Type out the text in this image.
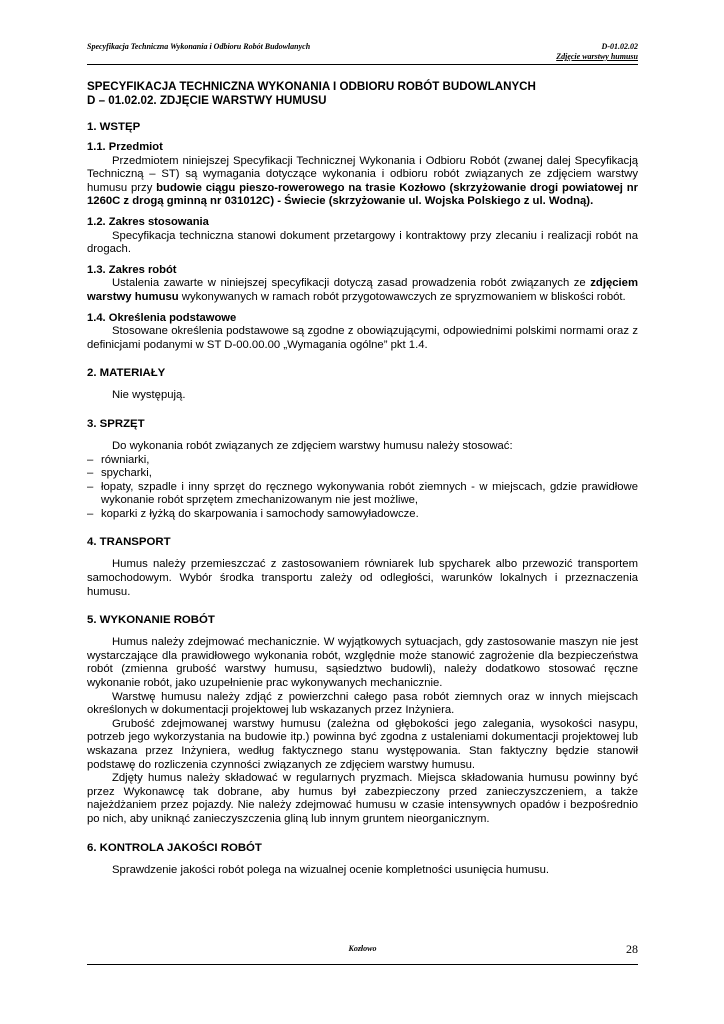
Specyfikacja Techniczna Wykonania i Odbioru Robót Budowlanych	D-01.02.02
Zdjęcie warstwy humusu
SPECYFIKACJA TECHNICZNA WYKONANIA I ODBIORU ROBÓT BUDOWLANYCH
D – 01.02.02. ZDJĘCIE WARSTWY HUMUSU
1. WSTĘP
1.1. Przedmiot

Przedmiotem niniejszej Specyfikacji Technicznej Wykonania i Odbioru Robót (zwanej dalej Specyfikacją Techniczną – ST) są wymagania dotyczące wykonania i odbioru robót związanych ze zdjęciem warstwy humusu przy budowie ciągu pieszo-rowerowego na trasie Kozłowo (skrzyżowanie drogi powiatowej nr 1260C z drogą gminną nr 031012C) - Świecie (skrzyżowanie ul. Wojska Polskiego z ul. Wodną).

1.2. Zakres stosowania

Specyfikacja techniczna stanowi dokument przetargowy i kontraktowy przy zlecaniu i realizacji robót na drogach.

1.3. Zakres robót

Ustalenia zawarte w niniejszej specyfikacji dotyczą zasad prowadzenia robót związanych ze zdjęciem warstwy humusu wykonywanych w ramach robót przygotowawczych ze spryzmowaniem w bliskości robót.

1.4. Określenia podstawowe

Stosowane określenia podstawowe są zgodne z obowiązującymi, odpowiednimi polskimi normami oraz z definicjami podanymi w ST D-00.00.00 „Wymagania ogólne” pkt 1.4.

2. MATERIAŁY

Nie występują.

3. SPRZĘT

Do wykonania robót związanych ze zdjęciem warstwy humusu należy stosować:

– równiarki,
– spycharki,
– łopaty, szpadle i inny sprzęt do ręcznego wykonywania robót ziemnych - w miejscach, gdzie prawidłowe wykonanie robót sprzętem zmechanizowanym nie jest możliwe,
– koparki z łyżką do skarpowania i samochody samowyładowcze.
4. TRANSPORT

Humus należy przemieszczać z zastosowaniem równiarek lub spycharek albo przewozić transportem samochodowym. Wybór środka transportu zależy od odległości, warunków lokalnych i przeznaczenia humusu.

5. WYKONANIE ROBÓT

Humus należy zdejmować mechanicznie. W wyjątkowych sytuacjach, gdy zastosowanie maszyn nie jest wystarczające dla prawidłowego wykonania robót, względnie może stanowić zagrożenie dla bezpieczeństwa robót (zmienna grubość warstwy humusu, sąsiedztwo budowli), należy dodatkowo stosować ręczne wykonanie robót, jako uzupełnienie prac wykonywanych mechanicznie.

Warstwę humusu należy zdjąć z powierzchni całego pasa robót ziemnych oraz w innych miejscach określonych w dokumentacji projektowej lub wskazanych przez Inżyniera.

Grubość zdejmowanej warstwy humusu (zależna od głębokości jego zalegania, wysokości nasypu, potrzeb jego wykorzystania na budowie itp.) powinna być zgodna z ustaleniami dokumentacji projektowej lub wskazana przez Inżyniera, według faktycznego stanu występowania. Stan faktyczny będzie stanowił podstawę do rozliczenia czynności związanych ze zdjęciem warstwy humusu.

Zdjęty humus należy składować w regularnych pryzmach. Miejsca składowania humusu powinny być przez Wykonawcę tak dobrane, aby humus był zabezpieczony przed zanieczyszczeniem, a także najeżdżaniem przez pojazdy. Nie należy zdejmować humusu w czasie intensywnych opadów i bezpośrednio po nich, aby uniknąć zanieczyszczenia gliną lub innym gruntem nieorganicznym.

6. KONTROLA JAKOŚCI ROBÓT

Sprawdzenie jakości robót polega na wizualnej ocenie kompletności usunięcia humusu.

Kozłowo	28
